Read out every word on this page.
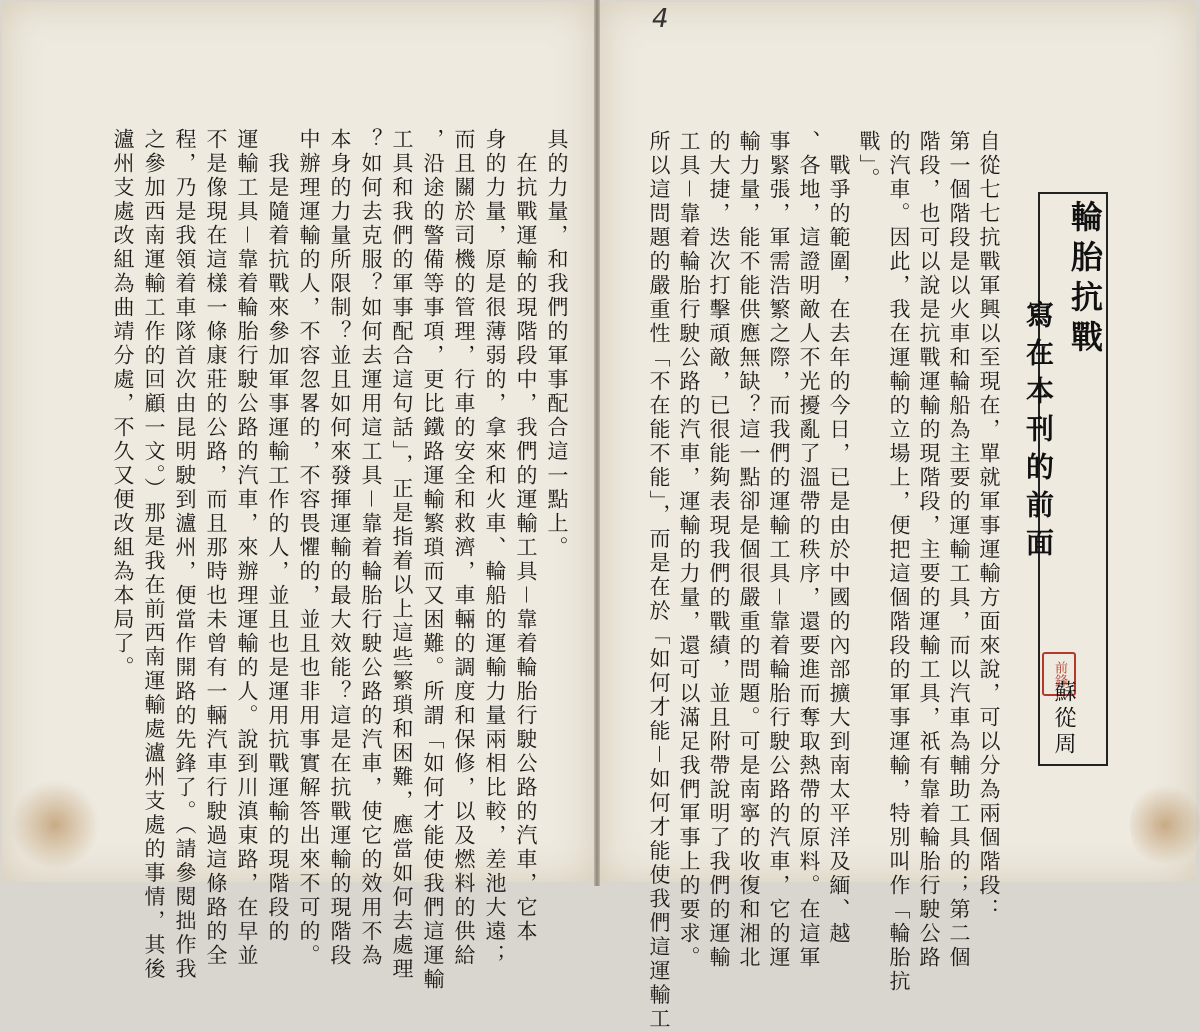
4
輪胎抗戰
寫在本刊的前面
前鋒
蘇從周
自從七七抗戰軍興以至現在，單就軍事運輸方面來說，可以分為兩個階段：
第一個階段是以火車和輪船為主要的運輸工具，而以汽車為輔助工具的；第二個
階段，也可以說是抗戰運輸的現階段，主要的運輸工具，祇有靠着輪胎行駛公路
的汽車。因此，我在運輸的立場上，便把這個階段的軍事運輸，特別叫作「輪胎抗
戰」。
　戰爭的範圍，在去年的今日，已是由於中國的內部擴大到南太平洋及緬、越
、各地，這證明敵人不光擾亂了溫帶的秩序，還要進而奪取熱帶的原料。在這軍
事緊張，軍需浩繁之際，而我們的運輸工具－靠着輪胎行駛公路的汽車，它的運
輸力量，能不能供應無缺？這一點卻是個很嚴重的問題。可是南寧的收復和湘北
的大捷，迭次打擊頑敵，已很能夠表現我們的戰績，並且附帶說明了我們的運輸
工具－靠着輪胎行駛公路的汽車，運輸的力量，還可以滿足我們軍事上的要求。
所以這問題的嚴重性「不在能不能」，而是在於「如何才能－如何才能使我們這運輸工
具的力量，和我們的軍事配合這一點上。
　在抗戰運輸的現階段中，我們的運輸工具－靠着輪胎行駛公路的汽車，它本
身的力量，原是很薄弱的，拿來和火車、輪船的運輸力量兩相比較，差池大遠；
而且關於司機的管理，行車的安全和救濟，車輛的調度和保修，以及燃料的供給
，沿途的警備等事項，更比鐵路運輸繁瑣而又困難。所謂「如何才能使我們這運輸
工具和我們的軍事配合這句話」，正是指着以上這些繁瑣和困難，應當如何去處理
？如何去克服？如何去運用這工具－靠着輪胎行駛公路的汽車，使它的效用不為
本身的力量所限制？並且如何來發揮運輸的最大效能？這是在抗戰運輸的現階段
中辦理運輸的人，不容忽畧的，不容畏懼的，並且也非用事實解答出來不可的。
　我是隨着抗戰來參加軍事運輸工作的人，並且也是運用抗戰運輸的現階段的
運輸工具－靠着輪胎行駛公路的汽車，來辦理運輸的人。說到川滇東路，在早並
不是像現在這樣一條康莊的公路，而且那時也未曾有一輛汽車行駛過這條路的全
程，乃是我領着車隊首次由昆明駛到瀘州，便當作開路的先鋒了。（請參閱拙作我
之參加西南運輸工作的回顧一文。）那是我在前西南運輸處瀘州支處的事情，其後
瀘州支處改組為曲靖分處，不久又便改組為本局了。
